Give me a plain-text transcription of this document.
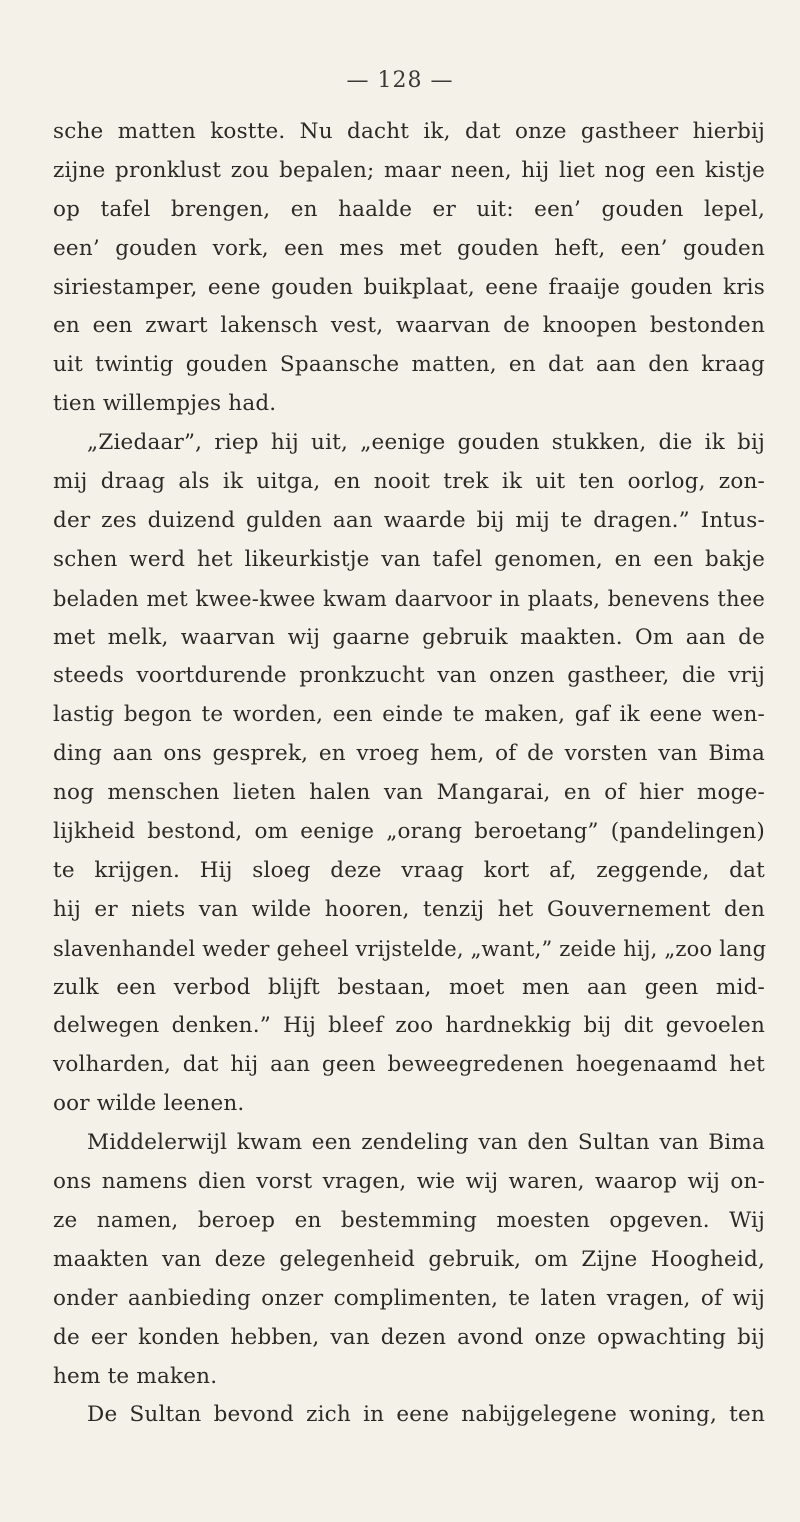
— 128 —
sche matten kostte. Nu dacht ik, dat onze gastheer hierbij
zijne pronklust zou bepalen; maar neen, hij liet nog een kistje
op tafel brengen, en haalde er uit: een’ gouden lepel,
een’ gouden vork, een mes met gouden heft, een’ gouden
siriestamper, eene gouden buikplaat, eene fraaije gouden kris
en een zwart lakensch vest, waarvan de knoopen bestonden
uit twintig gouden Spaansche matten, en dat aan den kraag
tien willempjes had.
„Ziedaar”, riep hij uit, „eenige gouden stukken, die ik bij
mij draag als ik uitga, en nooit trek ik uit ten oorlog, zon-
der zes duizend gulden aan waarde bij mij te dragen.” Intus-
schen werd het likeurkistje van tafel genomen, en een bakje
beladen met kwee-kwee kwam daarvoor in plaats, benevens thee
met melk, waarvan wij gaarne gebruik maakten. Om aan de
steeds voortdurende pronkzucht van onzen gastheer, die vrij
lastig begon te worden, een einde te maken, gaf ik eene wen-
ding aan ons gesprek, en vroeg hem, of de vorsten van Bima
nog menschen lieten halen van Mangarai, en of hier moge-
lijkheid bestond, om eenige „orang beroetang” (pandelingen)
te krijgen. Hij sloeg deze vraag kort af, zeggende, dat
hij er niets van wilde hooren, tenzij het Gouvernement den
slavenhandel weder geheel vrijstelde, „want,” zeide hij, „zoo lang
zulk een verbod blijft bestaan, moet men aan geen mid-
delwegen denken.” Hij bleef zoo hardnekkig bij dit gevoelen
volharden, dat hij aan geen beweegredenen hoegenaamd het
oor wilde leenen.
Middelerwijl kwam een zendeling van den Sultan van Bima
ons namens dien vorst vragen, wie wij waren, waarop wij on-
ze namen, beroep en bestemming moesten opgeven. Wij
maakten van deze gelegenheid gebruik, om Zijne Hoogheid,
onder aanbieding onzer complimenten, te laten vragen, of wij
de eer konden hebben, van dezen avond onze opwachting bij
hem te maken.
De Sultan bevond zich in eene nabijgelegene woning, ten
